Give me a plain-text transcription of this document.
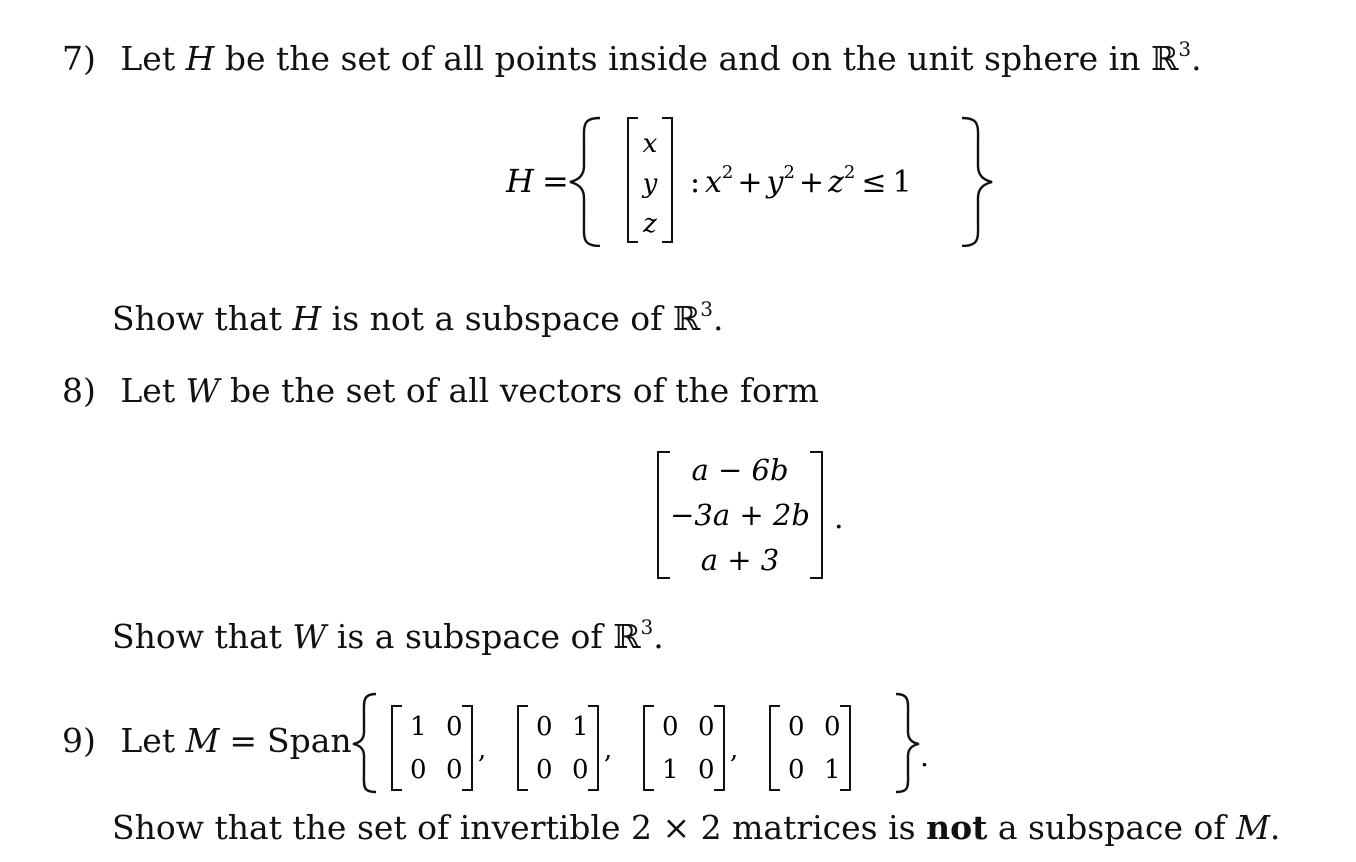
7) Let H be the set of all points inside and on the unit sphere in ℝ$^3$.
H =
x
y
z
: $x^2 + y^2 + z^2 \le 1$
Show that H is not a subspace of ℝ$^3$.
8) Let W be the set of all vectors of the form
a − 6b
−3a + 2b
a + 3
.
Show that W is a subspace of ℝ$^3$.
9) Let M = Span 1 0
0 0
,
0 1
0 0
,
0 0
1 0
,
0 0
0 1	.
Show that the set of invertible 2 × 2 matrices is not a subspace of M.
